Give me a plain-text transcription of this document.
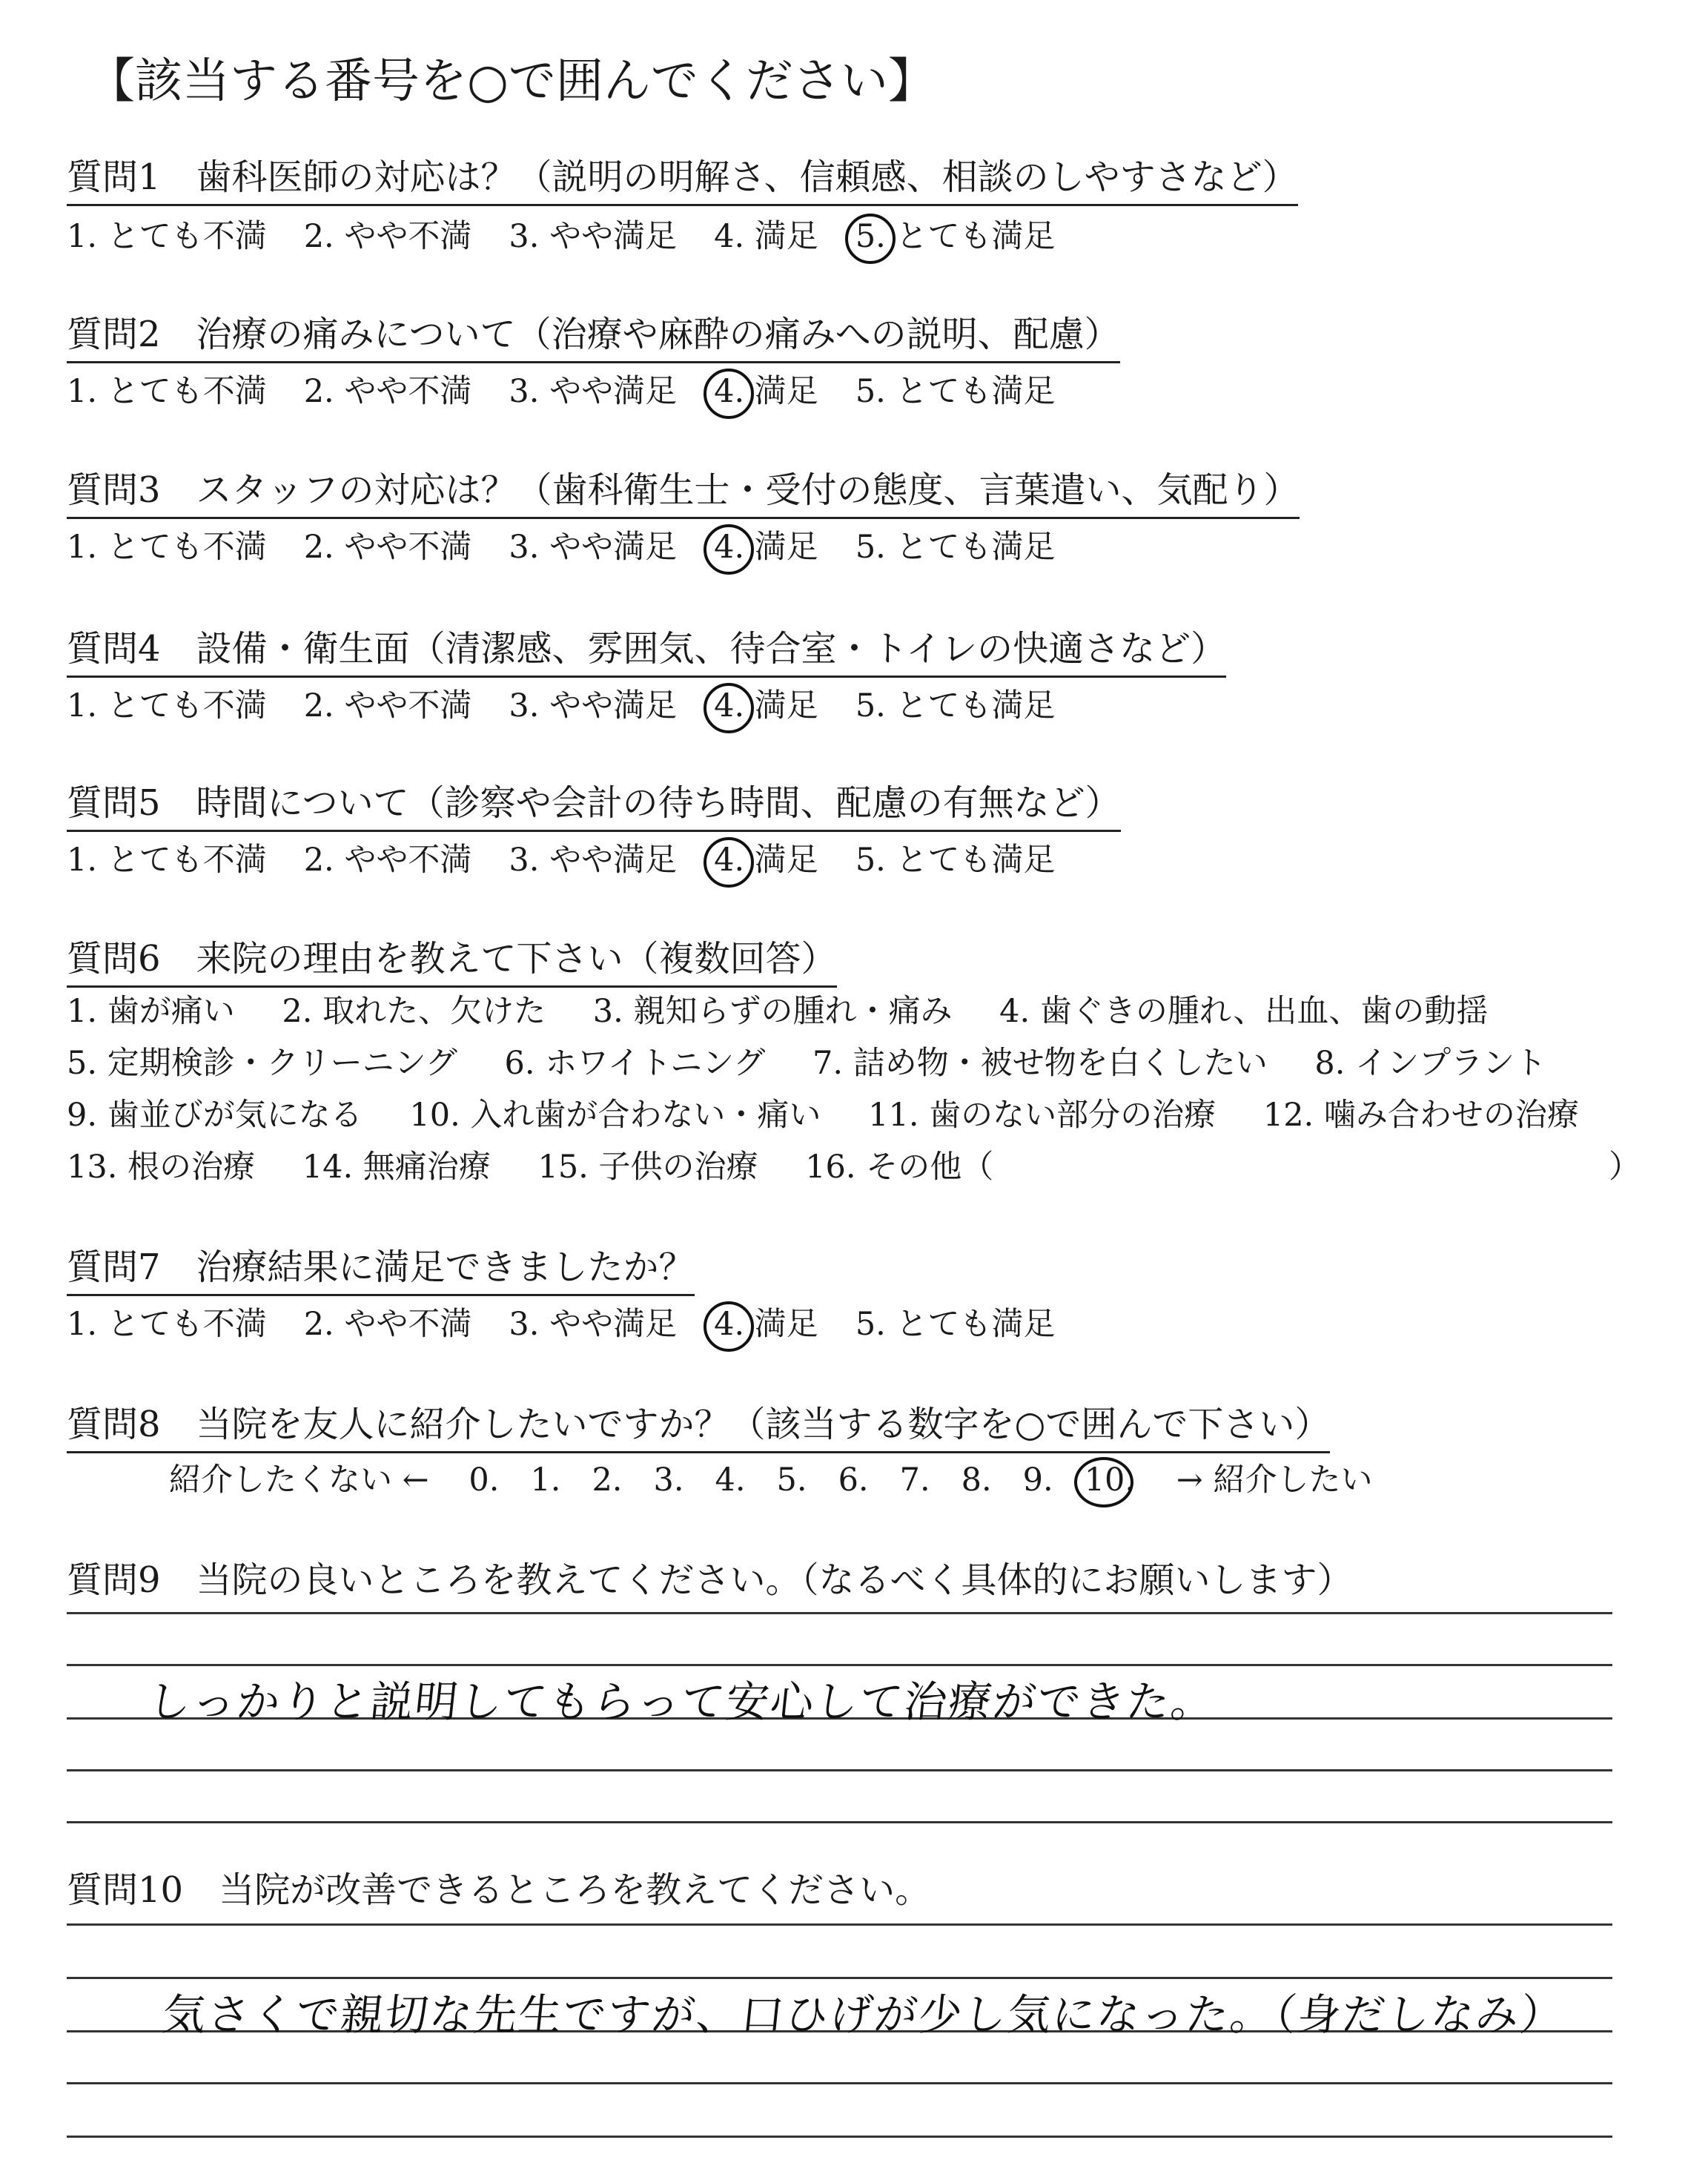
【該当する番号を○で囲んでください】
質問1　歯科医師の対応は？（説明の明解さ、信頼感、相談のしやすさなど）
1. とても不満 2. やや不満 3. やや満足 4. 満足 5. とても満足
質問2　治療の痛みについて（治療や麻酔の痛みへの説明、配慮）
1. とても不満 2. やや不満 3. やや満足 4. 満足 5. とても満足
質問3　スタッフの対応は？（歯科衛生士・受付の態度、言葉遣い、気配り）
1. とても不満 2. やや不満 3. やや満足 4. 満足 5. とても満足
質問4　設備・衛生面（清潔感、雰囲気、待合室・トイレの快適さなど）
1. とても不満 2. やや不満 3. やや満足 4. 満足 5. とても満足
質問5　時間について（診察や会計の待ち時間、配慮の有無など）
1. とても不満 2. やや不満 3. やや満足 4. 満足 5. とても満足
質問6　来院の理由を教えて下さい（複数回答）
1. 歯が痛い 2. 取れた、欠けた 3. 親知らずの腫れ・痛み 4. 歯ぐきの腫れ、出血、歯の動揺
5. 定期検診・クリーニング 6. ホワイトニング 7. 詰め物・被せ物を白くしたい 8. インプラント
9. 歯並びが気になる 10. 入れ歯が合わない・痛い 11. 歯のない部分の治療 12. 噛み合わせの治療
13. 根の治療 14. 無痛治療 15. 子供の治療 16. その他（	）
質問7　治療結果に満足できましたか？
1. とても不満 2. やや不満 3. やや満足 4. 満足 5. とても満足
質問8　当院を友人に紹介したいですか？（該当する数字を○で囲んで下さい）
紹介したくない ← 0. 1. 2. 3. 4. 5. 6. 7. 8. 9. 10. → 紹介したい
質問9　当院の良いところを教えてください。（なるべく具体的にお願いします）
しっかりと説明してもらって安心して治療ができた。
質問10　当院が改善できるところを教えてください。
気さくで親切な先生ですが、口ひげが少し気になった。（身だしなみ）
